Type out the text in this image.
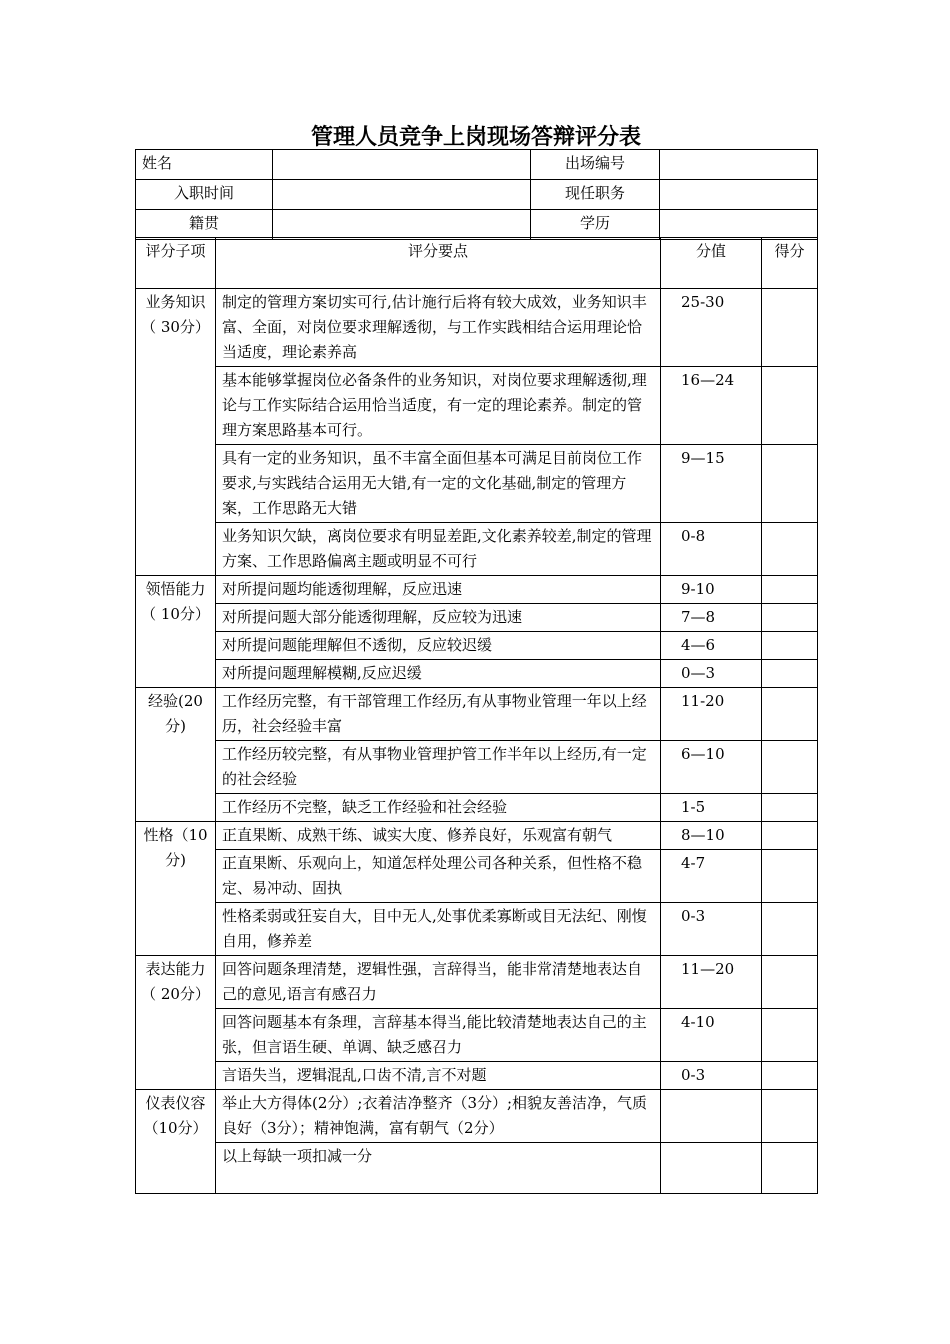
管理人员竞争上岗现场答辩评分表
姓名		出场编号	
入职时间		现任职务	
籍贯		学历	
评分子项	评分要点	分值	得分
业务知识（ 30分）	制定的管理方案切实可行,估计施行后将有较大成效，业务知识丰富、全面，对岗位要求理解透彻，与工作实践相结合运用理论恰当适度，理论素养高	25-30	
	基本能够掌握岗位必备条件的业务知识，对岗位要求理解透彻,理论与工作实际结合运用恰当适度，有一定的理论素养。制定的管理方案思路基本可行。	16—24	
	具有一定的业务知识，虽不丰富全面但基本可满足目前岗位工作要求,与实践结合运用无大错,有一定的文化基础,制定的管理方案，工作思路无大错	9—15	
	业务知识欠缺，离岗位要求有明显差距,文化素养较差,制定的管理方案、工作思路偏离主题或明显不可行	0-8	
领悟能力（ 10分）	对所提问题均能透彻理解，反应迅速	9-10	
	对所提问题大部分能透彻理解，反应较为迅速	7—8	
	对所提问题能理解但不透彻，反应较迟缓	4—6	
	对所提问题理解模糊,反应迟缓	0—3	
经验(20分)	工作经历完整，有干部管理工作经历,有从事物业管理一年以上经历，社会经验丰富	11-20	
	工作经历较完整，有从事物业管理护管工作半年以上经历,有一定的社会经验	6—10	
	工作经历不完整，缺乏工作经验和社会经验	1-5	
性格（10分)	正直果断、成熟干练、诚实大度、修养良好，乐观富有朝气	8—10	
	正直果断、乐观向上，知道怎样处理公司各种关系，但性格不稳定、易冲动、固执	4-7	
	性格柔弱或狂妄自大，目中无人,处事优柔寡断或目无法纪、刚愎自用，修养差	0-3	
表达能力（ 20分）	回答问题条理清楚，逻辑性强，言辞得当，能非常清楚地表达自己的意见,语言有感召力	11—20	
	回答问题基本有条理，言辞基本得当,能比较清楚地表达自己的主张，但言语生硬、单调、缺乏感召力	4-10	
	言语失当，逻辑混乱,口齿不清,言不对题	0-3	
仪表仪容（10分）	举止大方得体(2分）;衣着洁净整齐（3分）;相貌友善洁净，气质良好（3分）；精神饱满，富有朝气（2分）		
	以上每缺一项扣减一分		
